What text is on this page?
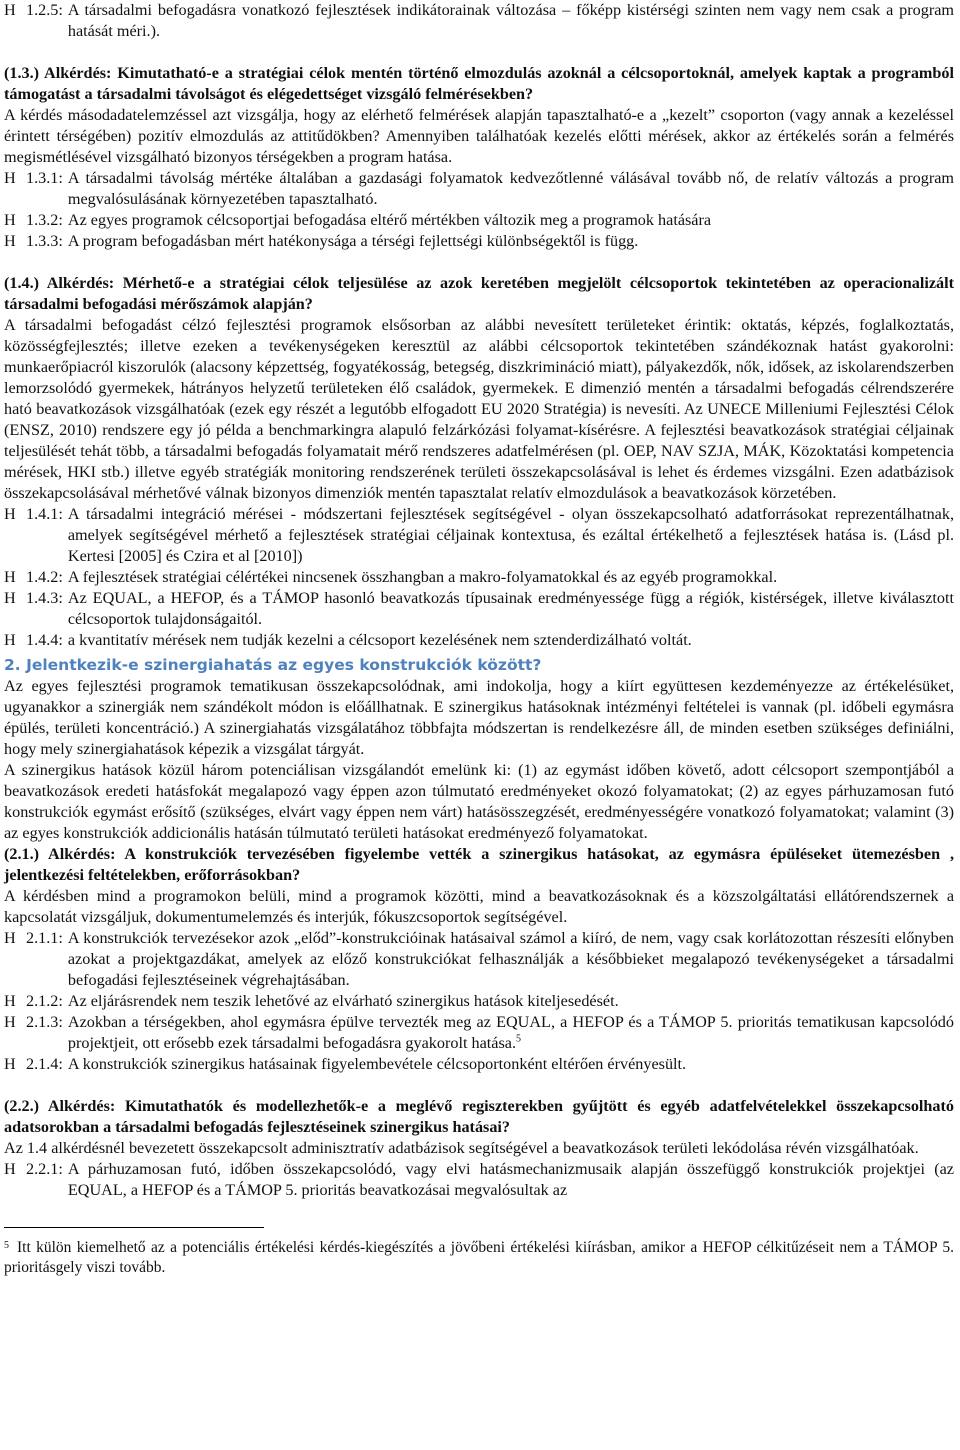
H 1.2.5: A társadalmi befogadásra vonatkozó fejlesztések indikátorainak változása – főképp kistérségi szinten nem vagy nem csak a program hatását méri.).

(1.3.) Alkérdés: Kimutatható-e a stratégiai célok mentén történő elmozdulás azoknál a célcsoportoknál, amelyek kaptak a programból támogatást a társadalmi távolságot és elégedettséget vizsgáló felmérésekben?

A kérdés másodadatelemzéssel azt vizsgálja, hogy az elérhető felmérések alapján tapasztalható-e a „kezelt” csoporton (vagy annak a kezeléssel érintett térségében) pozitív elmozdulás az attitűdökben? Amennyiben találhatóak kezelés előtti mérések, akkor az értékelés során a felmérés megismétlésével vizsgálható bizonyos térségekben a program hatása.

H 1.3.1: A társadalmi távolság mértéke általában a gazdasági folyamatok kedvezőtlenné válásával tovább nő, de relatív változás a program megvalósulásának környezetében tapasztalható.
H 1.3.2: Az egyes programok célcsoportjai befogadása eltérő mértékben változik meg a programok hatására
H 1.3.3: A program befogadásban mért hatékonysága a térségi fejlettségi különbségektől is függ.

(1.4.) Alkérdés: Mérhető-e a stratégiai célok teljesülése az azok keretében megjelölt célcsoportok tekintetében az operacionalizált társadalmi befogadási mérőszámok alapján?

A társadalmi befogadást célzó fejlesztési programok elsősorban az alábbi nevesített területeket érintik: oktatás, képzés, foglalkoztatás, közösségfejlesztés; illetve ezeken a tevékenységeken keresztül az alábbi célcsoportok tekintetében szándékoznak hatást gyakorolni: munkaerőpiacról kiszorulók (alacsony képzettség, fogyatékosság, betegség, diszkrimináció miatt), pályakezdők, nők, idősek, az iskolarendszerben lemorzsolódó gyermekek, hátrányos helyzetű területeken élő családok, gyermekek. E dimenzió mentén a társadalmi befogadás célrendszerére ható beavatkozások vizsgálhatóak (ezek egy részét a legutóbb elfogadott EU 2020 Stratégia) is nevesíti. Az UNECE Milleniumi Fejlesztési Célok (ENSZ, 2010) rendszere egy jó példa a benchmarkingra alapuló felzárkózási folyamat-kísérésre. A fejlesztési beavatkozások stratégiai céljainak teljesülését tehát több, a társadalmi befogadás folyamatait mérő rendszeres adatfelmérésen (pl. OEP, NAV SZJA, MÁK, Közoktatási kompetencia mérések, HKI stb.) illetve egyéb stratégiák monitoring rendszerének területi összekapcsolásával is lehet és érdemes vizsgálni. Ezen adatbázisok összekapcsolásával mérhetővé válnak bizonyos dimenziók mentén tapasztalat relatív elmozdulások a beavatkozások körzetében.

H 1.4.1: A társadalmi integráció mérései - módszertani fejlesztések segítségével - olyan összekapcsolható adatforrásokat reprezentálhatnak, amelyek segítségével mérhető a fejlesztések stratégiai céljainak kontextusa, és ezáltal értékelhető a fejlesztések hatása is. (Lásd pl. Kertesi [2005] és Czira et al [2010])
H 1.4.2: A fejlesztések stratégiai célértékei nincsenek összhangban a makro-folyamatokkal és az egyéb programokkal.
H 1.4.3: Az EQUAL, a HEFOP, és a TÁMOP hasonló beavatkozás típusainak eredményessége függ a régiók, kistérségek, illetve kiválasztott célcsoportok tulajdonságaitól.
H 1.4.4: a kvantitatív mérések nem tudják kezelni a célcsoport kezelésének nem sztenderdizálható voltát.
2. Jelentkezik-e szinergiahatás az egyes konstrukciók között?

Az egyes fejlesztési programok tematikusan összekapcsolódnak, ami indokolja, hogy a kiírt együttesen kezdeményezze az értékelésüket, ugyanakkor a szinergiák nem szándékolt módon is előállhatnak. E szinergikus hatásoknak intézményi feltételei is vannak (pl. időbeli egymásra épülés, területi koncentráció.) A szinergiahatás vizsgálatához többfajta módszertan is rendelkezésre áll, de minden esetben szükséges definiálni, hogy mely szinergiahatások képezik a vizsgálat tárgyát.

A szinergikus hatások közül három potenciálisan vizsgálandót emelünk ki: (1) az egymást időben követő, adott célcsoport szempontjából a beavatkozások eredeti hatásfokát megalapozó vagy éppen azon túlmutató eredményeket okozó folyamatokat; (2) az egyes párhuzamosan futó konstrukciók egymást erősítő (szükséges, elvárt vagy éppen nem várt) hatásösszegzését, eredményességére vonatkozó folyamatokat; valamint (3) az egyes konstrukciók addicionális hatásán túlmutató területi hatásokat eredményező folyamatokat.

(2.1.) Alkérdés: A konstrukciók tervezésében figyelembe vették a szinergikus hatásokat, az egymásra épüléseket ütemezésben , jelentkezési feltételekben, erőforrásokban?

A kérdésben mind a programokon belüli, mind a programok közötti, mind a beavatkozásoknak és a közszolgáltatási ellátórendszernek a kapcsolatát vizsgáljuk, dokumentumelemzés és interjúk, fókuszcsoportok segítségével.

H 2.1.1: A konstrukciók tervezésekor azok „előd”-konstrukcióinak hatásaival számol a kiíró, de nem, vagy csak korlátozottan részesíti előnyben azokat a projektgazdákat, amelyek az előző konstrukciókat felhasználják a későbbieket megalapozó tevékenységeket a társadalmi befogadási fejlesztéseinek végrehajtásában.
H 2.1.2: Az eljárásrendek nem teszik lehetővé az elvárható szinergikus hatások kiteljesedését.
H 2.1.3: Azokban a térségekben, ahol egymásra épülve tervezték meg az EQUAL, a HEFOP és a TÁMOP 5. prioritás tematikusan kapcsolódó projektjeit, ott erősebb ezek társadalmi befogadásra gyakorolt hatása.$^5$
H 2.1.4: A konstrukciók szinergikus hatásainak figyelembevétele célcsoportonként eltérően érvényesült.

(2.2.) Alkérdés: Kimutathatók és modellezhetők-e a meglévő regiszterekben gyűjtött és egyéb adatfelvételekkel összekapcsolható adatsorokban a társadalmi befogadás fejlesztéseinek szinergikus hatásai?

Az 1.4 alkérdésnél bevezetett összekapcsolt adminisztratív adatbázisok segítségével a beavatkozások területi lekódolása révén vizsgálhatóak.

H 2.2.1: A párhuzamosan futó, időben összekapcsolódó, vagy elvi hatásmechanizmusaik alapján összefüggő konstrukciók projektjei (az EQUAL, a HEFOP és a TÁMOP 5. prioritás beavatkozásai megvalósultak az

$^5$ Itt külön kiemelhető az a potenciális értékelési kérdés-kiegészítés a jövőbeni értékelési kiírásban, amikor a HEFOP célkitűzéseit nem a TÁMOP 5. prioritásgely viszi tovább.
